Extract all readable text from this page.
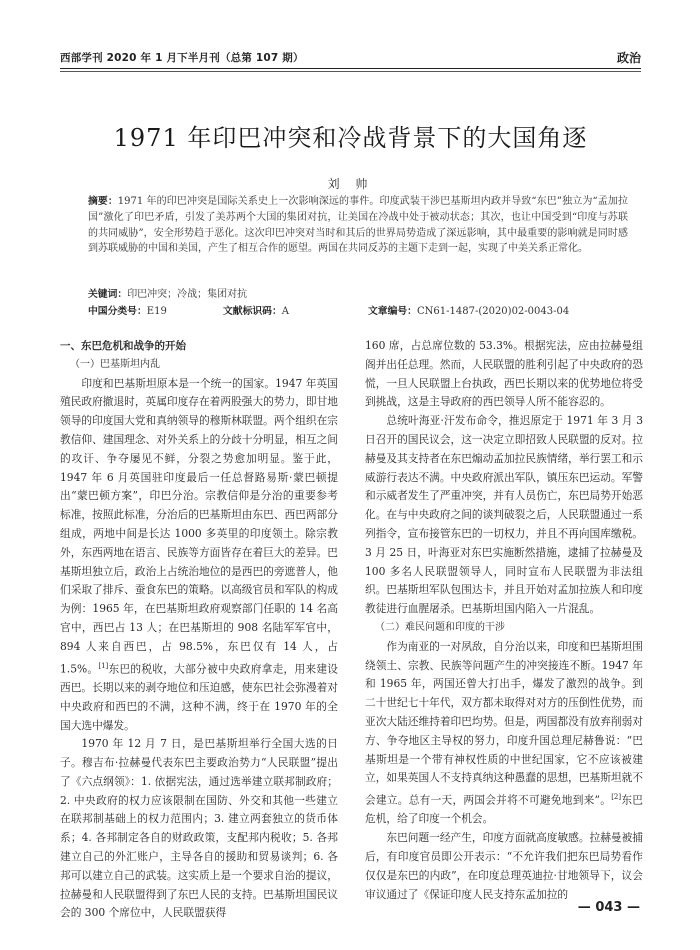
西部学刊 2020 年 1 月下半月刊（总第 107 期）	政治
1971 年印巴冲突和冷战背景下的大国角逐
刘 帅
摘要：1971 年的印巴冲突是国际关系史上一次影响深远的事件。印度武装干涉巴基斯坦内政并导致“东巴”独立为“孟加拉国”激化了印巴矛盾，引发了美苏两个大国的集团对抗，让美国在冷战中处于被动状态；其次，也让中国受到“印度与苏联的共同威胁”，安全形势趋于恶化。这次印巴冲突对当时和其后的世界局势造成了深远影响，其中最重要的影响就是同时感到苏联威胁的中国和美国，产生了相互合作的愿望。两国在共同反苏的主题下走到一起，实现了中美关系正常化。
关键词：印巴冲突；冷战；集团对抗
中国分类号：E19	文献标识码：A	文章编号：CN61-1487-(2020)02-0043-04

一、东巴危机和战争的开始

（一）巴基斯坦内乱

印度和巴基斯坦原本是一个统一的国家。1947 年英国殖民政府撤退时，英属印度存在着两股强大的势力，即甘地领导的印度国大党和真纳领导的穆斯林联盟。两个组织在宗教信仰、建国理念、对外关系上的分歧十分明显，相互之间的攻讦、争夺屡见不鲜，分裂之势愈加明显。鉴于此，1947 年 6 月英国驻印度最后一任总督路易斯·蒙巴顿提出“蒙巴顿方案”，印巴分治。宗教信仰是分治的重要参考标准，按照此标准，分治后的巴基斯坦由东巴、西巴两部分组成，两地中间是长达 1000 多英里的印度领土。除宗教外，东西两地在语言、民族等方面皆存在着巨大的差异。巴基斯坦独立后，政治上占统治地位的是西巴的旁遮普人，他们采取了排斥、蚕食东巴的策略。以高级官员和军队的构成为例：1965 年，在巴基斯坦政府观察部门任职的 14 名高官中，西巴占 13 人；在巴基斯坦的 908 名陆军军官中，894 人来自西巴，占 98.5%，东巴仅有 14 人，占 1.5%。[1]东巴的税收，大部分被中央政府拿走，用来建设西巴。长期以来的剥夺地位和压迫感，使东巴社会弥漫着对中央政府和西巴的不满，这种不满，终于在 1970 年的全国大选中爆发。

1970 年 12 月 7 日，是巴基斯坦举行全国大选的日子。穆吉布·拉赫曼代表东巴主要政治势力“人民联盟”提出了《六点纲领》：1. 依据宪法，通过选举建立联邦制政府；2. 中央政府的权力应该限制在国防、外交和其他一些建立在联邦制基础上的权力范围内；3. 建立两套独立的货币体系；4. 各邦制定各自的财政政策，支配邦内税收；5. 各邦建立自己的外汇账户，主导各自的援助和贸易谈判；6. 各邦可以建立自己的武装。这实质上是一个要求自治的提议，拉赫曼和人民联盟得到了东巴人民的支持。巴基斯坦国民议会的 300 个席位中，人民联盟获得

160 席，占总席位数的 53.3%。根据宪法，应由拉赫曼组阁并出任总理。然而，人民联盟的胜利引起了中央政府的恐慌，一旦人民联盟上台执政，西巴长期以来的优势地位将受到挑战，这是主导政府的西巴领导人所不能容忍的。

总统叶海亚·汗发布命令，推迟原定于 1971 年 3 月 3 日召开的国民议会，这一决定立即招致人民联盟的反对。拉赫曼及其支持者在东巴煽动孟加拉民族情绪，举行罢工和示威游行表达不满。中央政府派出军队，镇压东巴运动。军警和示威者发生了严重冲突，并有人员伤亡，东巴局势开始恶化。在与中央政府之间的谈判破裂之后，人民联盟通过一系列指令，宣布接管东巴的一切权力，并且不再向国库缴税。3 月 25 日，叶海亚对东巴实施断然措施，逮捕了拉赫曼及 100 多名人民联盟领导人，同时宣布人民联盟为非法组织。巴基斯坦军队包围达卡，并且开始对孟加拉族人和印度教徒进行血腥屠杀。巴基斯坦国内陷入一片混乱。

（二）难民问题和印度的干涉

作为南亚的一对夙敌，自分治以来，印度和巴基斯坦围绕领土、宗教、民族等问题产生的冲突接连不断。1947 年和 1965 年，两国还曾大打出手，爆发了激烈的战争。到二十世纪七十年代，双方都未取得对对方的压倒性优势，而亚次大陆还维持着印巴均势。但是，两国都没有放弃削弱对方、争夺地区主导权的努力，印度升国总理尼赫鲁说：“巴基斯坦是一个带有神权性质的中世纪国家，它不应该被建立，如果英国人不支持真纳这种愚蠢的思想，巴基斯坦就不会建立。总有一天，两国会并将不可避免地到来”。[2]东巴危机，给了印度一个机会。

东巴问题一经产生，印度方面就高度敏感。拉赫曼被捕后，有印度官员即公开表示：“不允许我们把东巴局势看作仅仅是东巴的内政”，在印度总理英迪拉·甘地领导下，议会审议通过了《保证印度人民支持东孟加拉的

— 043 —
